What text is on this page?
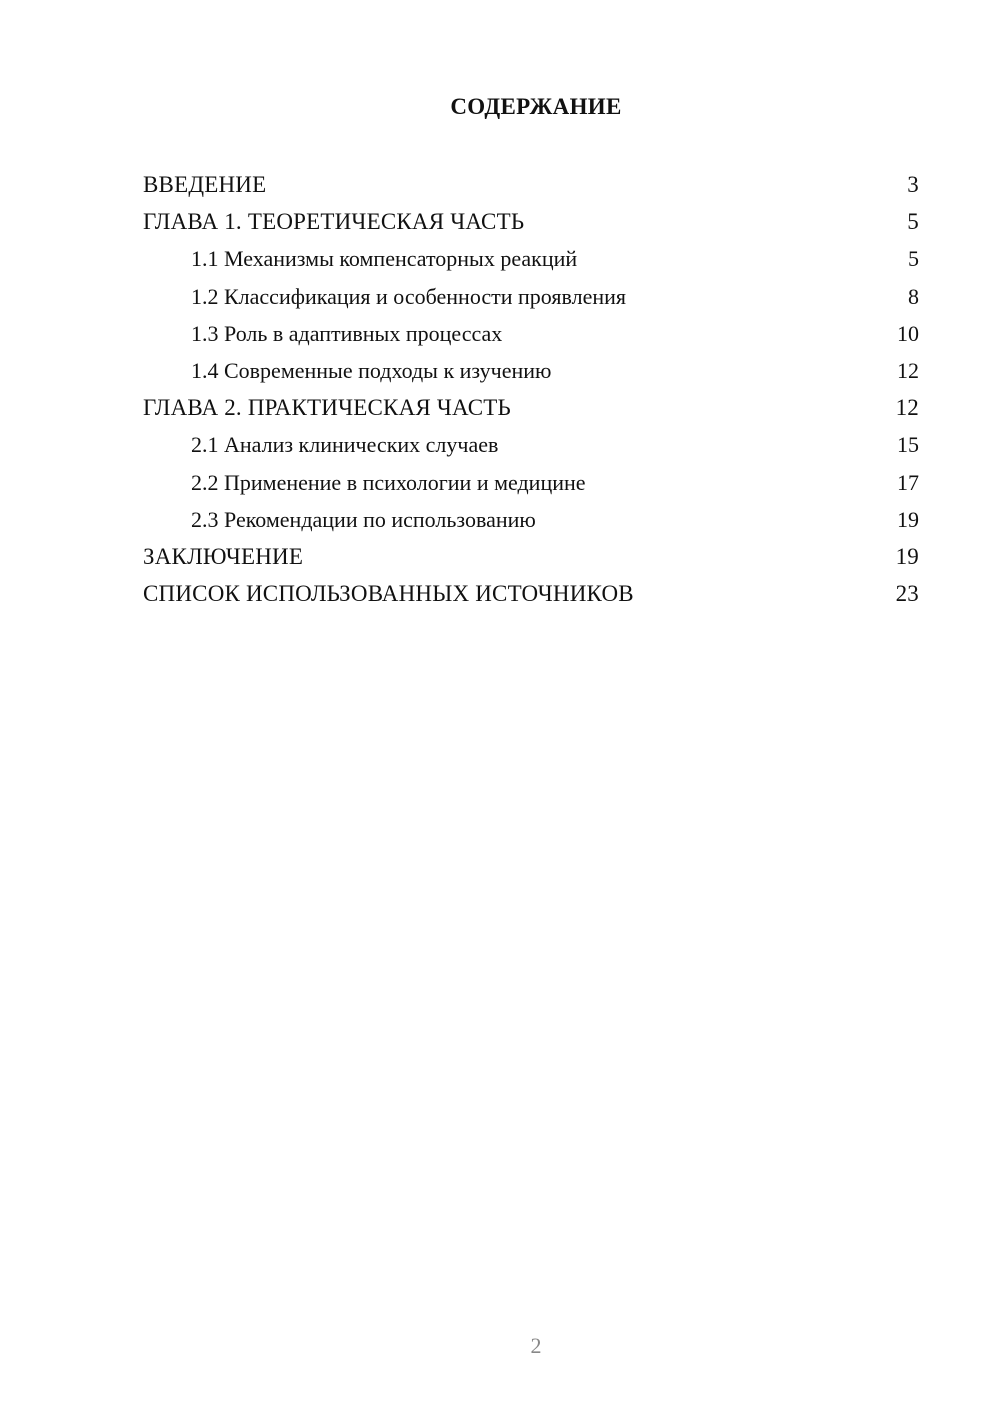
СОДЕРЖАНИЕ
ВВЕДЕНИЕ	3
ГЛАВА 1. ТЕОРЕТИЧЕСКАЯ ЧАСТЬ	5
1.1 Механизмы компенсаторных реакций	5
1.2 Классификация и особенности проявления	8
1.3 Роль в адаптивных процессах	10
1.4 Современные подходы к изучению	12
ГЛАВА 2. ПРАКТИЧЕСКАЯ ЧАСТЬ	12
2.1 Анализ клинических случаев	15
2.2 Применение в психологии и медицине	17
2.3 Рекомендации по использованию	19
ЗАКЛЮЧЕНИЕ	19
СПИСОК ИСПОЛЬЗОВАННЫХ ИСТОЧНИКОВ	23
2
